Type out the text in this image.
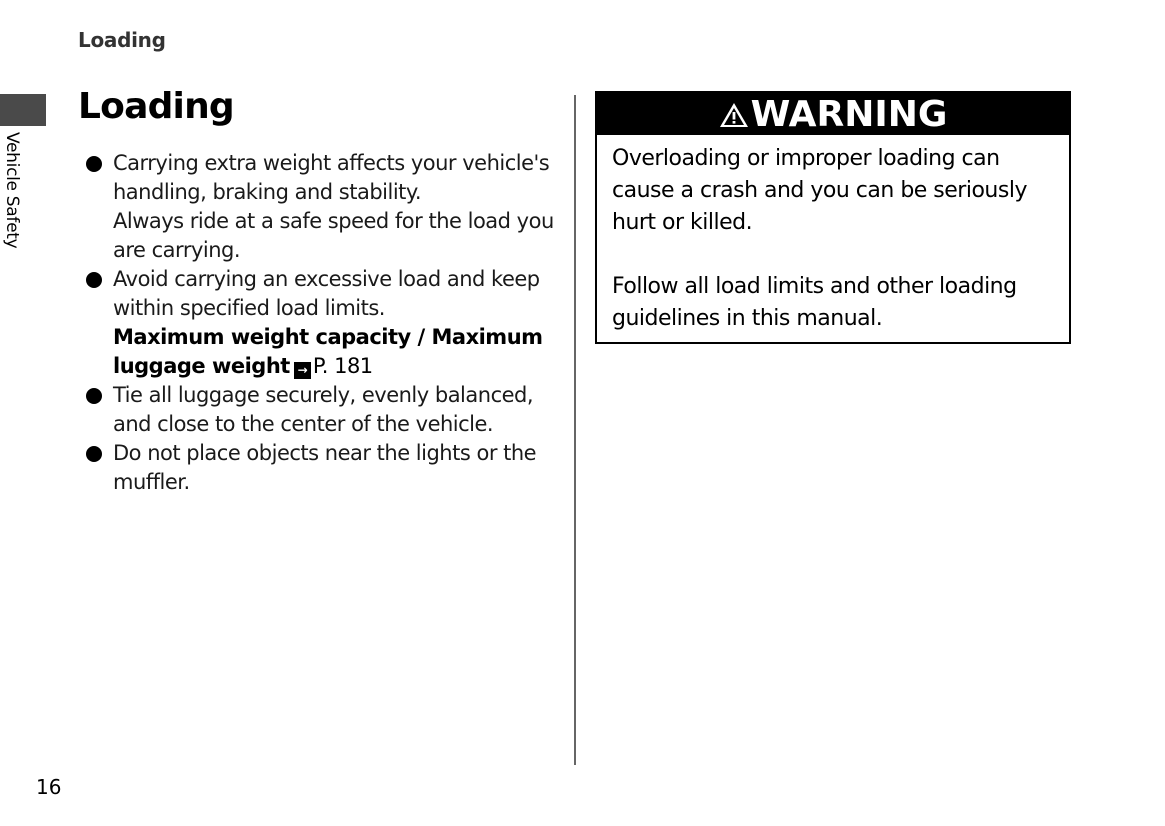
Loading
Vehicle Safety
16
Loading
Carrying extra weight affects your vehicle's handling, braking and stability.
Always ride at a safe speed for the load you are carrying.
Avoid carrying an excessive load and keep within specified load limits.
Maximum weight capacity / Maximum luggage weight → P. 181
Tie all luggage securely, evenly balanced, and close to the center of the vehicle.
Do not place objects near the lights or the muffler.
WARNING

Overloading or improper loading can cause a crash and you can be seriously hurt or killed.

Follow all load limits and other loading guidelines in this manual.
